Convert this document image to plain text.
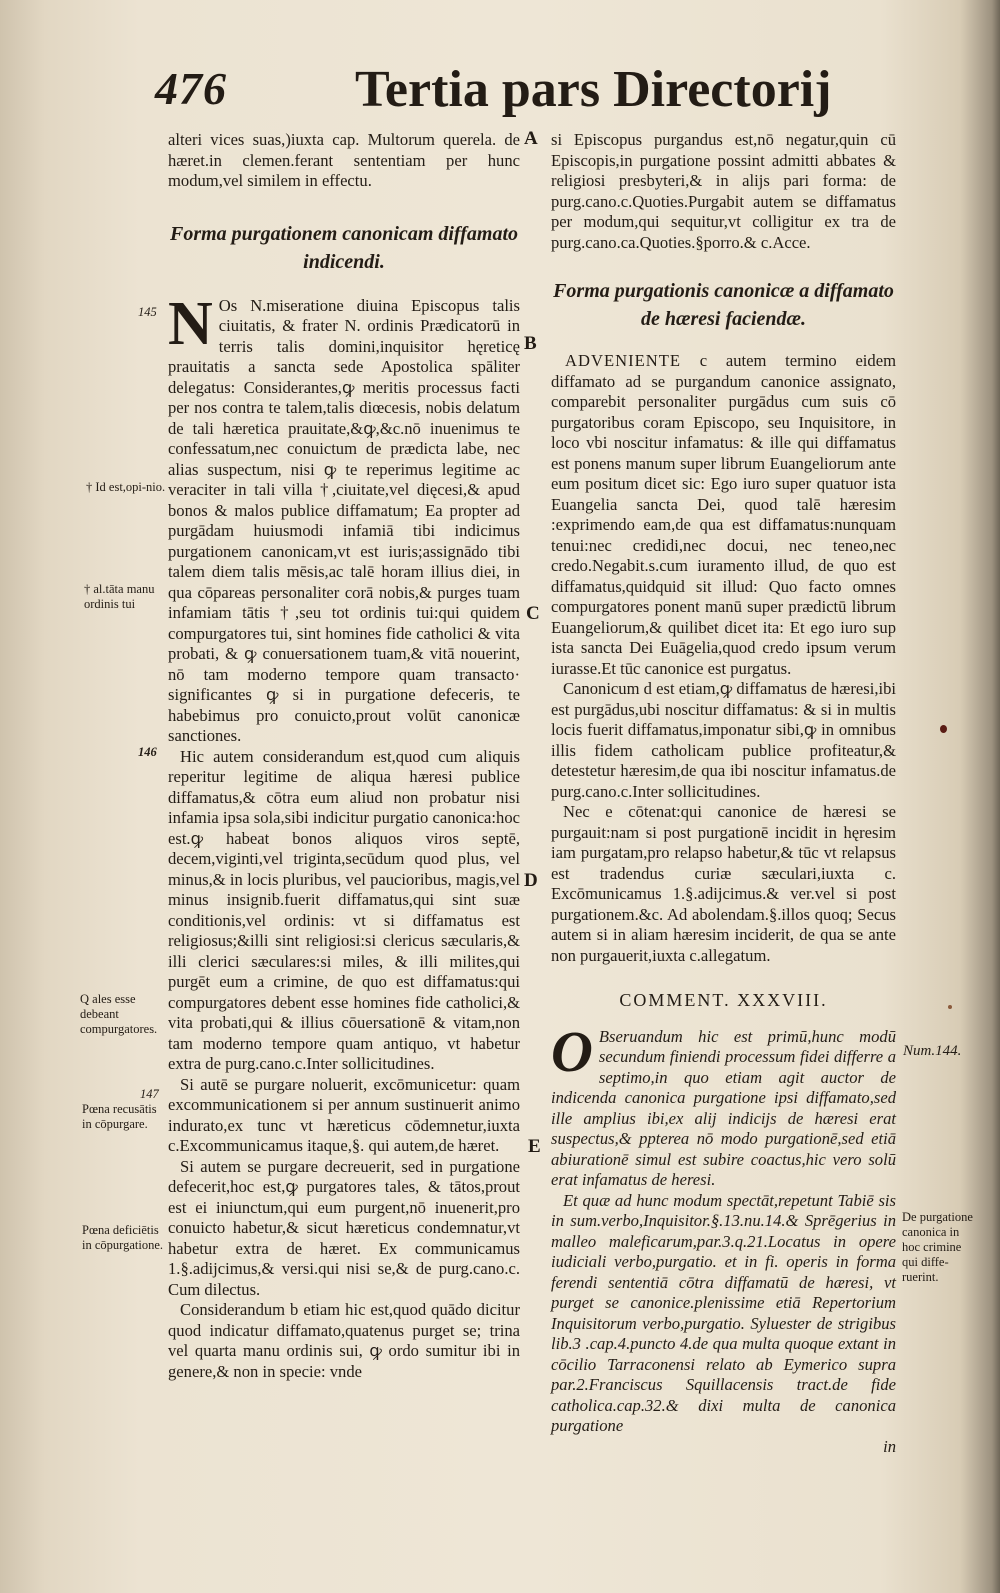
476 Tertia pars Directorij

alteri vices suas,)iuxta cap. Multorum querela. de hæret.in clemen.ferant sententiam per hunc modum,vel similem in effectu.

Forma purgationem canonicam diffamato indicendi.

N Os N.miseratione diuina Episcopus talis ciuitatis, & frater N. ordinis Prædicatorū in terris talis domini,inquisitor hęreticę prauitatis a sancta sede Apostolica spāliter delegatus: Considerantes,ꝙ meritis processus facti per nos contra te talem,talis diœcesis, nobis delatum de tali hæretica prauitate,&ꝙ,&c.nō inuenimus te confessatum,nec conuictum de prædicta labe, nec alias suspectum, nisi ꝙ te reperimus legitime ac veraciter in tali villa †,ciuitate,vel dięcesi,& apud bonos & malos publice diffamatum; Ea propter ad purgādam huiusmodi infamiā tibi indicimus purgationem canonicam,vt est iuris;assignādo tibi talem diem talis mēsis,ac talē horam illius diei, in qua cōpareas personaliter corā nobis,& purges tuam infamiam tātis †,seu tot ordinis tui:qui quidem compurgatores tui, sint homines fide catholici & vita probati, & ꝙ conuersationem tuam,& vitā nouerint, nō tam moderno tempore quam transacto· significantes ꝙ si in purgatione defeceris, te habebimus pro conuicto,prout volūt canonicæ sanctiones.

Hic autem considerandum est,quod cum aliquis reperitur legitime de aliqua hæresi publice diffamatus,& cōtra eum aliud non probatur nisi infamia ipsa sola,sibi indicitur purgatio canonica:hoc est.ꝙ habeat bonos aliquos viros septē, decem,viginti,vel triginta,secūdum quod plus, vel minus,& in locis pluribus, vel paucioribus, magis,vel minus insignib.fuerit diffamatus,qui sint suæ conditionis,vel ordinis: vt si diffamatus est religiosus;&illi sint religiosi:si clericus sæcularis,& illi clerici sæculares:si miles, & illi milites,qui purgēt eum a crimine, de quo est diffamatus:qui compurgatores debent esse homines fide catholici,& vita probati,qui & illius cōuersationē & vitam,non tam moderno tempore quam antiquo, vt habetur extra de purg.cano.c.Inter sollicitudines.

Si autē se purgare noluerit, excōmunicetur: quam excommunicationem si per annum sustinuerit animo indurato,ex tunc vt hæreticus cōdemnetur,iuxta c.Excommunicamus itaque,§. qui autem,de hæret.

Si autem se purgare decreuerit, sed in purgatione defecerit,hoc est,ꝙ purgatores tales, & tātos,prout est ei iniunctum,qui eum purgent,nō inuenerit,pro conuicto habetur,& sicut hæreticus condemnatur,vt habetur extra de hæret. Ex communicamus 1.§.adijcimus,& versi.qui nisi se,& de purg.cano.c. Cum dilectus.

Considerandum b etiam hic est,quod quādo dicitur quod indicatur diffamato,quatenus purget se; trina vel quarta manu ordinis sui, ꝙ ordo sumitur ibi in genere,& non in specie: vnde

si Episcopus purgandus est,nō negatur,quin cū Episcopis,in purgatione possint admitti abbates & religiosi presbyteri,& in alijs pari forma: de purg.cano.c.Quoties.Purgabit autem se diffamatus per modum,qui sequitur,vt colligitur ex tra de purg.cano.ca.Quoties.§porro.& c.Acce.

Forma purgationis canonicæ a diffamato de hæresi faciendæ.

ADVENIENTE c autem termino eidem diffamato ad se purgandum canonice assignato, comparebit personaliter purgādus cum suis cō purgatoribus coram Episcopo, seu Inquisitore, in loco vbi noscitur infamatus: & ille qui diffamatus est ponens manum super librum Euangeliorum ante eum positum dicet sic: Ego iuro super quatuor ista Euangelia sancta Dei, quod talē hæresim :exprimendo eam,de qua est diffamatus:nunquam tenui:nec credidi,nec docui, nec teneo,nec credo.Negabit.s.cum iuramento illud, de quo est diffamatus,quidquid sit illud: Quo facto omnes compurgatores ponent manū super prædictū librum Euangeliorum,& quilibet dicet ita: Et ego iuro sup ista sancta Dei Euāgelia,quod credo ipsum verum iurasse.Et tūc canonice est purgatus.

Canonicum d est etiam,ꝙ diffamatus de hæresi,ibi est purgādus,ubi noscitur diffamatus: & si in multis locis fuerit diffamatus,imponatur sibi,ꝙ in omnibus illis fidem catholicam publice profiteatur,& detestetur hæresim,de qua ibi noscitur infamatus.de purg.cano.c.Inter sollicitudines.

Nec e cōtenat:qui canonice de hæresi se purgauit:nam si post purgationē incidit in hęresim iam purgatam,pro relapso habetur,& tūc vt relapsus est tradendus curiæ sæculari,iuxta c. Excōmunicamus 1.§.adijcimus.& ver.vel si post purgationem.&c. Ad abolendam.§.illos quoq; Secus autem si in aliam hæresim inciderit, de qua se ante non purgauerit,iuxta c.allegatum.

COMMENT. XXXVIII.

O Bseruandum hic est primū,hunc modū secundum finiendi processum fidei differre a septimo,in quo etiam agit auctor de indicenda canonica purgatione ipsi diffamato,sed ille amplius ibi,ex alij indicijs de hæresi erat suspectus,& ppterea nō modo purgationē,sed etiā abiurationē simul est subire coactus,hic vero solū erat infamatus de heresi.

Et quæ ad hunc modum spectāt,repetunt Tabiē sis in sum.verbo,Inquisitor.§.13.nu.14.& Sprēgerius in malleo maleficarum,par.3.q.21.Locatus in opere iudiciali verbo,purgatio. et in fi. operis in forma ferendi sententiā cōtra diffamatū de hæresi, vt purget se canonice.plenissime etiā Repertorium Inquisitorum verbo,purgatio. Syluester de strigibus lib.3 .cap.4.puncto 4.de qua multa quoque extant in cōcilio Tarraconensi relato ab Eymerico supra par.2.Franciscus Squillacensis tract.de fide catholica.cap.32.& dixi multa de canonica purgatione

in

145
† Id est,opi-nio.
† al.tāta manu ordinis tui
146
Q ales esse debeant compurgatores.
147
Pœna recusātis in cōpurgare.
Pœna deficiētis in cōpurgatione.
Num.144.
De purgatione canonica in hoc crimine qui diffe-ruerint.
A
B
C
D
E
